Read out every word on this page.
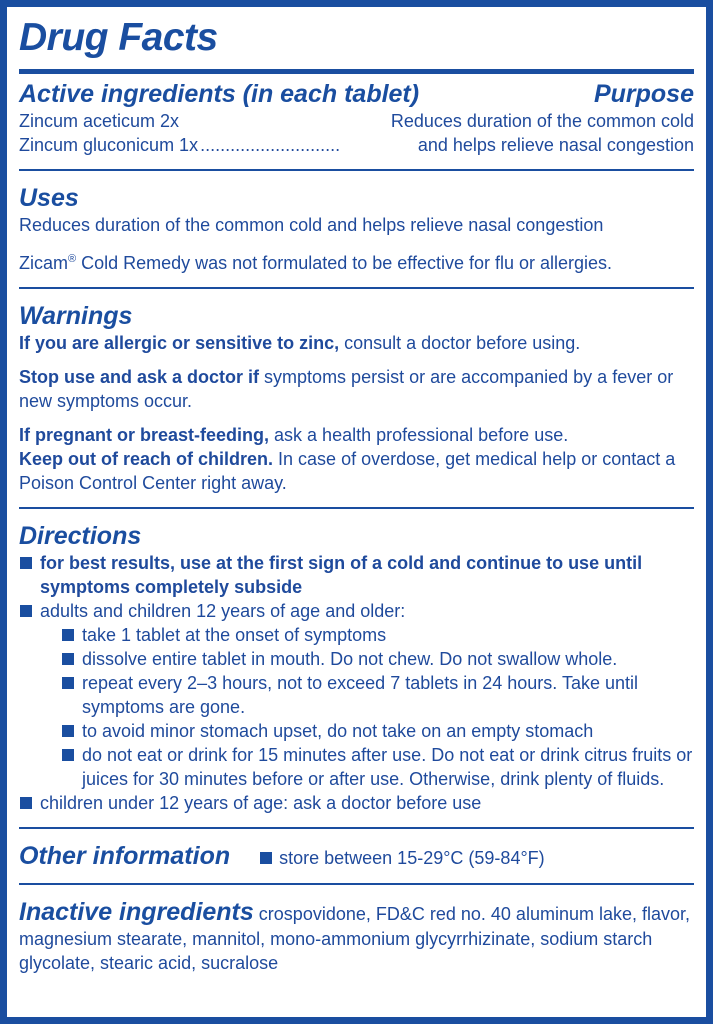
Drug Facts
Active ingredients (in each tablet)	Purpose
Zincum aceticum 2x	Reduces duration of the common cold
Zincum gluconicum 1x ............................	and helps relieve nasal congestion
Uses
Reduces duration of the common cold and helps relieve nasal congestion
Zicam® Cold Remedy was not formulated to be effective for flu or allergies.
Warnings
If you are allergic or sensitive to zinc, consult a doctor before using.
Stop use and ask a doctor if symptoms persist or are accompanied by a fever or new symptoms occur.
If pregnant or breast-feeding, ask a health professional before use.
Keep out of reach of children. In case of overdose, get medical help or contact a Poison Control Center right away.
Directions
for best results, use at the first sign of a cold and continue to use until symptoms completely subside
adults and children 12 years of age and older:
take 1 tablet at the onset of symptoms
dissolve entire tablet in mouth. Do not chew. Do not swallow whole.
repeat every 2–3 hours, not to exceed 7 tablets in 24 hours. Take until symptoms are gone.
to avoid minor stomach upset, do not take on an empty stomach
do not eat or drink for 15 minutes after use. Do not eat or drink citrus fruits or juices for 30 minutes before or after use. Otherwise, drink plenty of fluids.
children under 12 years of age: ask a doctor before use
Other information	store between 15-29°C (59-84°F)
Inactive ingredients crospovidone, FD&C red no. 40 aluminum lake, flavor, magnesium stearate, mannitol, mono-ammonium glycyrrhizinate, sodium starch glycolate, stearic acid, sucralose
